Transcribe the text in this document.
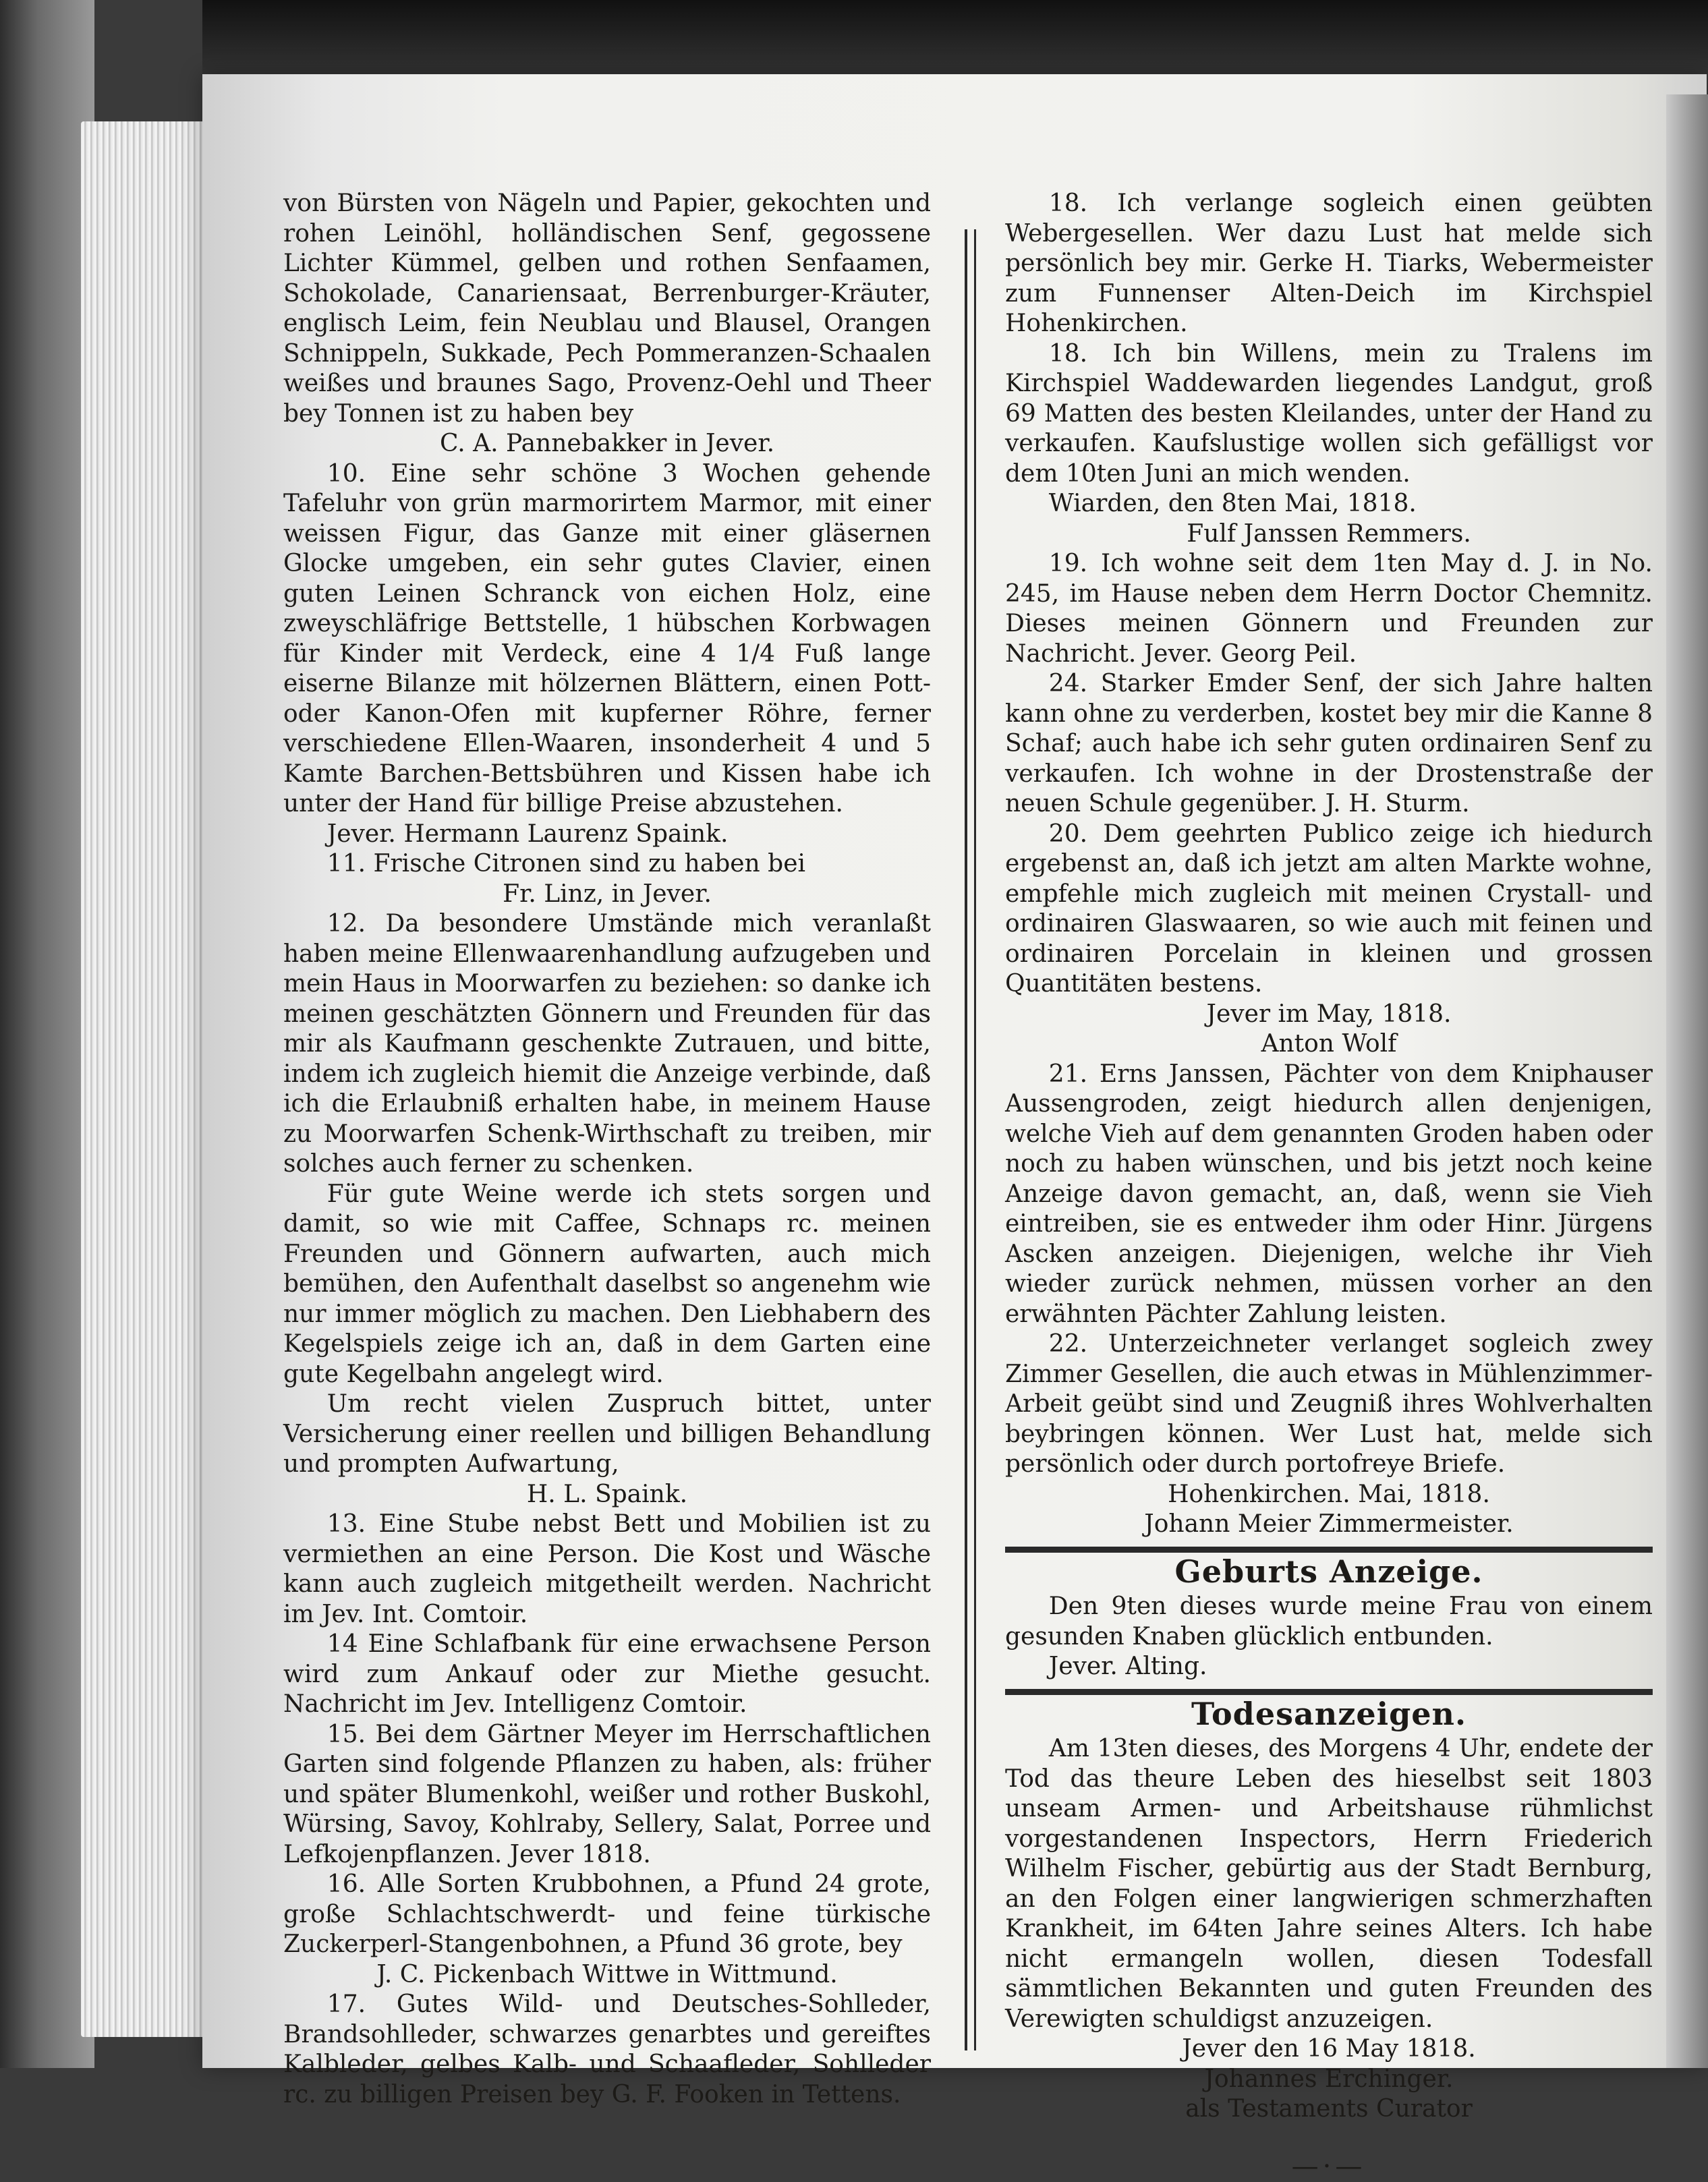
von Bürsten von Nägeln und Papier, gekochten und rohen Leinöhl, holländischen Senf, gegossene Lichter Kümmel, gelben und rothen Senfaamen, Schokolade, Canariensaat, Berrenburger-Kräuter, englisch Leim, fein Neublau und Blausel, Orangen Schnippeln, Sukkade, Pech Pommeranzen-Schaalen weißes und braunes Sago, Provenz-Oehl und Theer bey Tonnen ist zu haben bey

C. A. Pannebakker in Jever.

10. Eine sehr schöne 3 Wochen gehende Tafeluhr von grün marmorirtem Marmor, mit einer weissen Figur, das Ganze mit einer gläsernen Glocke umgeben, ein sehr gutes Clavier, einen guten Leinen Schranck von eichen Holz, eine zweyschläfrige Bettstelle, 1 hübschen Korbwagen für Kinder mit Verdeck, eine 4 1/4 Fuß lange eiserne Bilanze mit hölzernen Blättern, einen Pott-oder Kanon-Ofen mit kupferner Röhre, ferner verschiedene Ellen-Waaren, insonderheit 4 und 5 Kamte Barchen-Bettsbühren und Kissen habe ich unter der Hand für billige Preise abzustehen.

Jever. Hermann Laurenz Spaink.

11. Frische Citronen sind zu haben bei

Fr. Linz, in Jever.

12. Da besondere Umstände mich veranlaßt haben meine Ellenwaarenhandlung aufzugeben und mein Haus in Moorwarfen zu beziehen: so danke ich meinen geschätzten Gönnern und Freunden für das mir als Kaufmann geschenkte Zutrauen, und bitte, indem ich zugleich hiemit die Anzeige verbinde, daß ich die Erlaubniß erhalten habe, in meinem Hause zu Moorwarfen Schenk-Wirthschaft zu treiben, mir solches auch ferner zu schenken.

Für gute Weine werde ich stets sorgen und damit, so wie mit Caffee, Schnaps rc. meinen Freunden und Gönnern aufwarten, auch mich bemühen, den Aufenthalt daselbst so angenehm wie nur immer möglich zu machen. Den Liebhabern des Kegelspiels zeige ich an, daß in dem Garten eine gute Kegelbahn angelegt wird.

Um recht vielen Zuspruch bittet, unter Versicherung einer reellen und billigen Behandlung und prompten Aufwartung,

H. L. Spaink.

13. Eine Stube nebst Bett und Mobilien ist zu vermiethen an eine Person. Die Kost und Wäsche kann auch zugleich mitgetheilt werden. Nachricht im Jev. Int. Comtoir.

14 Eine Schlafbank für eine erwachsene Person wird zum Ankauf oder zur Miethe gesucht. Nachricht im Jev. Intelligenz Comtoir.

15. Bei dem Gärtner Meyer im Herrschaftlichen Garten sind folgende Pflanzen zu haben, als: früher und später Blumenkohl, weißer und rother Buskohl, Würsing, Savoy, Kohlraby, Sellery, Salat, Porree und Lefkojenpflanzen. Jever 1818.

16. Alle Sorten Krubbohnen, a Pfund 24 grote, große Schlachtschwerdt- und feine türkische Zuckerperl-Stangenbohnen, a Pfund 36 grote, bey

J. C. Pickenbach Wittwe in Wittmund.

17. Gutes Wild- und Deutsches-Sohlleder, Brandsohlleder, schwarzes genarbtes und gereiftes Kalbleder, gelbes Kalb- und Schaafleder, Sohlleder rc. zu billigen Preisen bey G. F. Fooken in Tettens.

18. Ich verlange sogleich einen geübten Webergesellen. Wer dazu Lust hat melde sich persönlich bey mir. Gerke H. Tiarks, Webermeister zum Funnenser Alten-Deich im Kirchspiel Hohenkirchen.

18. Ich bin Willens, mein zu Tralens im Kirchspiel Waddewarden liegendes Landgut, groß 69 Matten des besten Kleilandes, unter der Hand zu verkaufen. Kaufslustige wollen sich gefälligst vor dem 10ten Juni an mich wenden.

Wiarden, den 8ten Mai, 1818.

Fulf Janssen Remmers.

19. Ich wohne seit dem 1ten May d. J. in No. 245, im Hause neben dem Herrn Doctor Chemnitz. Dieses meinen Gönnern und Freunden zur Nachricht. Jever. Georg Peil.

24. Starker Emder Senf, der sich Jahre halten kann ohne zu verderben, kostet bey mir die Kanne 8 Schaf; auch habe ich sehr guten ordinairen Senf zu verkaufen. Ich wohne in der Drostenstraße der neuen Schule gegenüber. J. H. Sturm.

20. Dem geehrten Publico zeige ich hiedurch ergebenst an, daß ich jetzt am alten Markte wohne, empfehle mich zugleich mit meinen Crystall- und ordinairen Glaswaaren, so wie auch mit feinen und ordinairen Porcelain in kleinen und grossen Quantitäten bestens.

Jever im May, 1818.

Anton Wolf

21. Erns Janssen, Pächter von dem Kniphauser Aussengroden, zeigt hiedurch allen denjenigen, welche Vieh auf dem genannten Groden haben oder noch zu haben wünschen, und bis jetzt noch keine Anzeige davon gemacht, an, daß, wenn sie Vieh eintreiben, sie es entweder ihm oder Hinr. Jürgens Ascken anzeigen. Diejenigen, welche ihr Vieh wieder zurück nehmen, müssen vorher an den erwähnten Pächter Zahlung leisten.

22. Unterzeichneter verlanget sogleich zwey Zimmer Gesellen, die auch etwas in Mühlenzimmer-Arbeit geübt sind und Zeugniß ihres Wohlverhalten beybringen können. Wer Lust hat, melde sich persönlich oder durch portofreye Briefe.

Hohenkirchen. Mai, 1818.

Johann Meier Zimmermeister.

Geburts Anzeige.

Den 9ten dieses wurde meine Frau von einem gesunden Knaben glücklich entbunden.

Jever. Alting.

Todesanzeigen.

Am 13ten dieses, des Morgens 4 Uhr, endete der Tod das theure Leben des hieselbst seit 1803 unseam Armen- und Arbeitshause rühmlichst vorgestandenen Inspectors, Herrn Friederich Wilhelm Fischer, gebürtig aus der Stadt Bernburg, an den Folgen einer langwierigen schmerzhaften Krankheit, im 64ten Jahre seines Alters. Ich habe nicht ermangeln wollen, diesen Todesfall sämmtlichen Bekannten und guten Freunden des Verewigten schuldigst anzuzeigen.

Jever den 16 May 1818.

Johannes Erchinger.

als Testaments Curator

—·—
